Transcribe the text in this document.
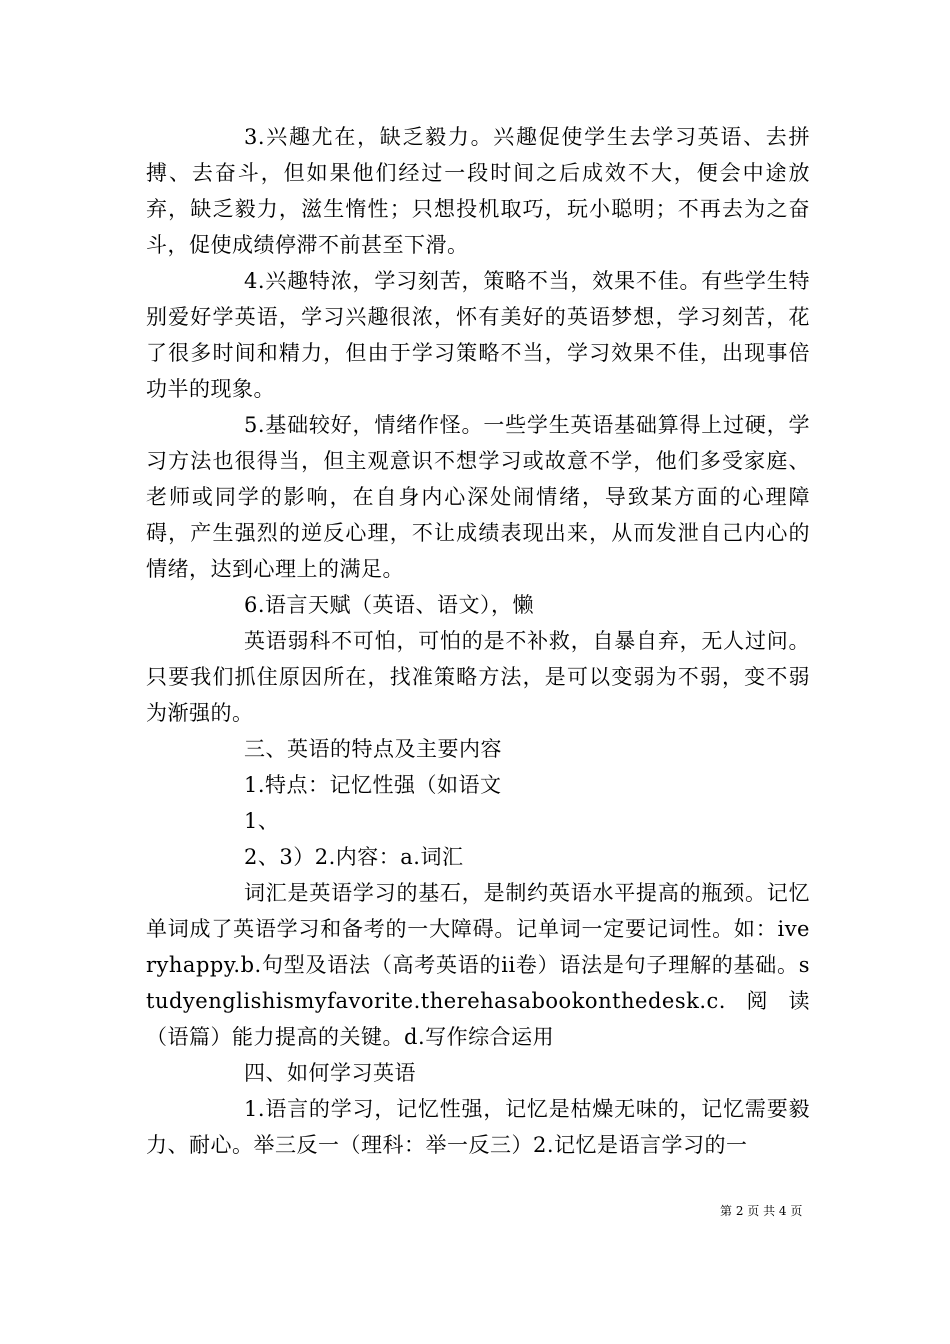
3.兴趣尤在，缺乏毅力。兴趣促使学生去学习英语、去拼搏、去奋斗，但如果他们经过一段时间之后成效不大，便会中途放弃，缺乏毅力，滋生惰性；只想投机取巧，玩小聪明；不再去为之奋斗，促使成绩停滞不前甚至下滑。

4.兴趣特浓，学习刻苦，策略不当，效果不佳。有些学生特别爱好学英语，学习兴趣很浓，怀有美好的英语梦想，学习刻苦，花了很多时间和精力，但由于学习策略不当，学习效果不佳，出现事倍功半的现象。

5.基础较好，情绪作怪。一些学生英语基础算得上过硬，学习方法也很得当，但主观意识不想学习或故意不学，他们多受家庭、老师或同学的影响，在自身内心深处闹情绪，导致某方面的心理障碍，产生强烈的逆反心理，不让成绩表现出来，从而发泄自己内心的情绪，达到心理上的满足。

6.语言天赋（英语、语文），懒

英语弱科不可怕，可怕的是不补救，自暴自弃，无人过问。只要我们抓住原因所在，找准策略方法，是可以变弱为不弱，变不弱为渐强的。

三、英语的特点及主要内容

1.特点：记忆性强（如语文

1、

2、3）2.内容：a.词汇

词汇是英语学习的基石，是制约英语水平提高的瓶颈。记忆单词成了英语学习和备考的一大障碍。记单词一定要记词性。如：iveryhappy.b.句型及语法（高考英语的ii卷）语法是句子理解的基础。studyenglishismyfavorite.therehasabookonthedesk.c.阅读（语篇）能力提高的关键。d.写作综合运用

四、如何学习英语

1.语言的学习，记忆性强，记忆是枯燥无味的，记忆需要毅力、耐心。举三反一（理科：举一反三）2.记忆是语言学习的一

第 2 页 共 4 页
